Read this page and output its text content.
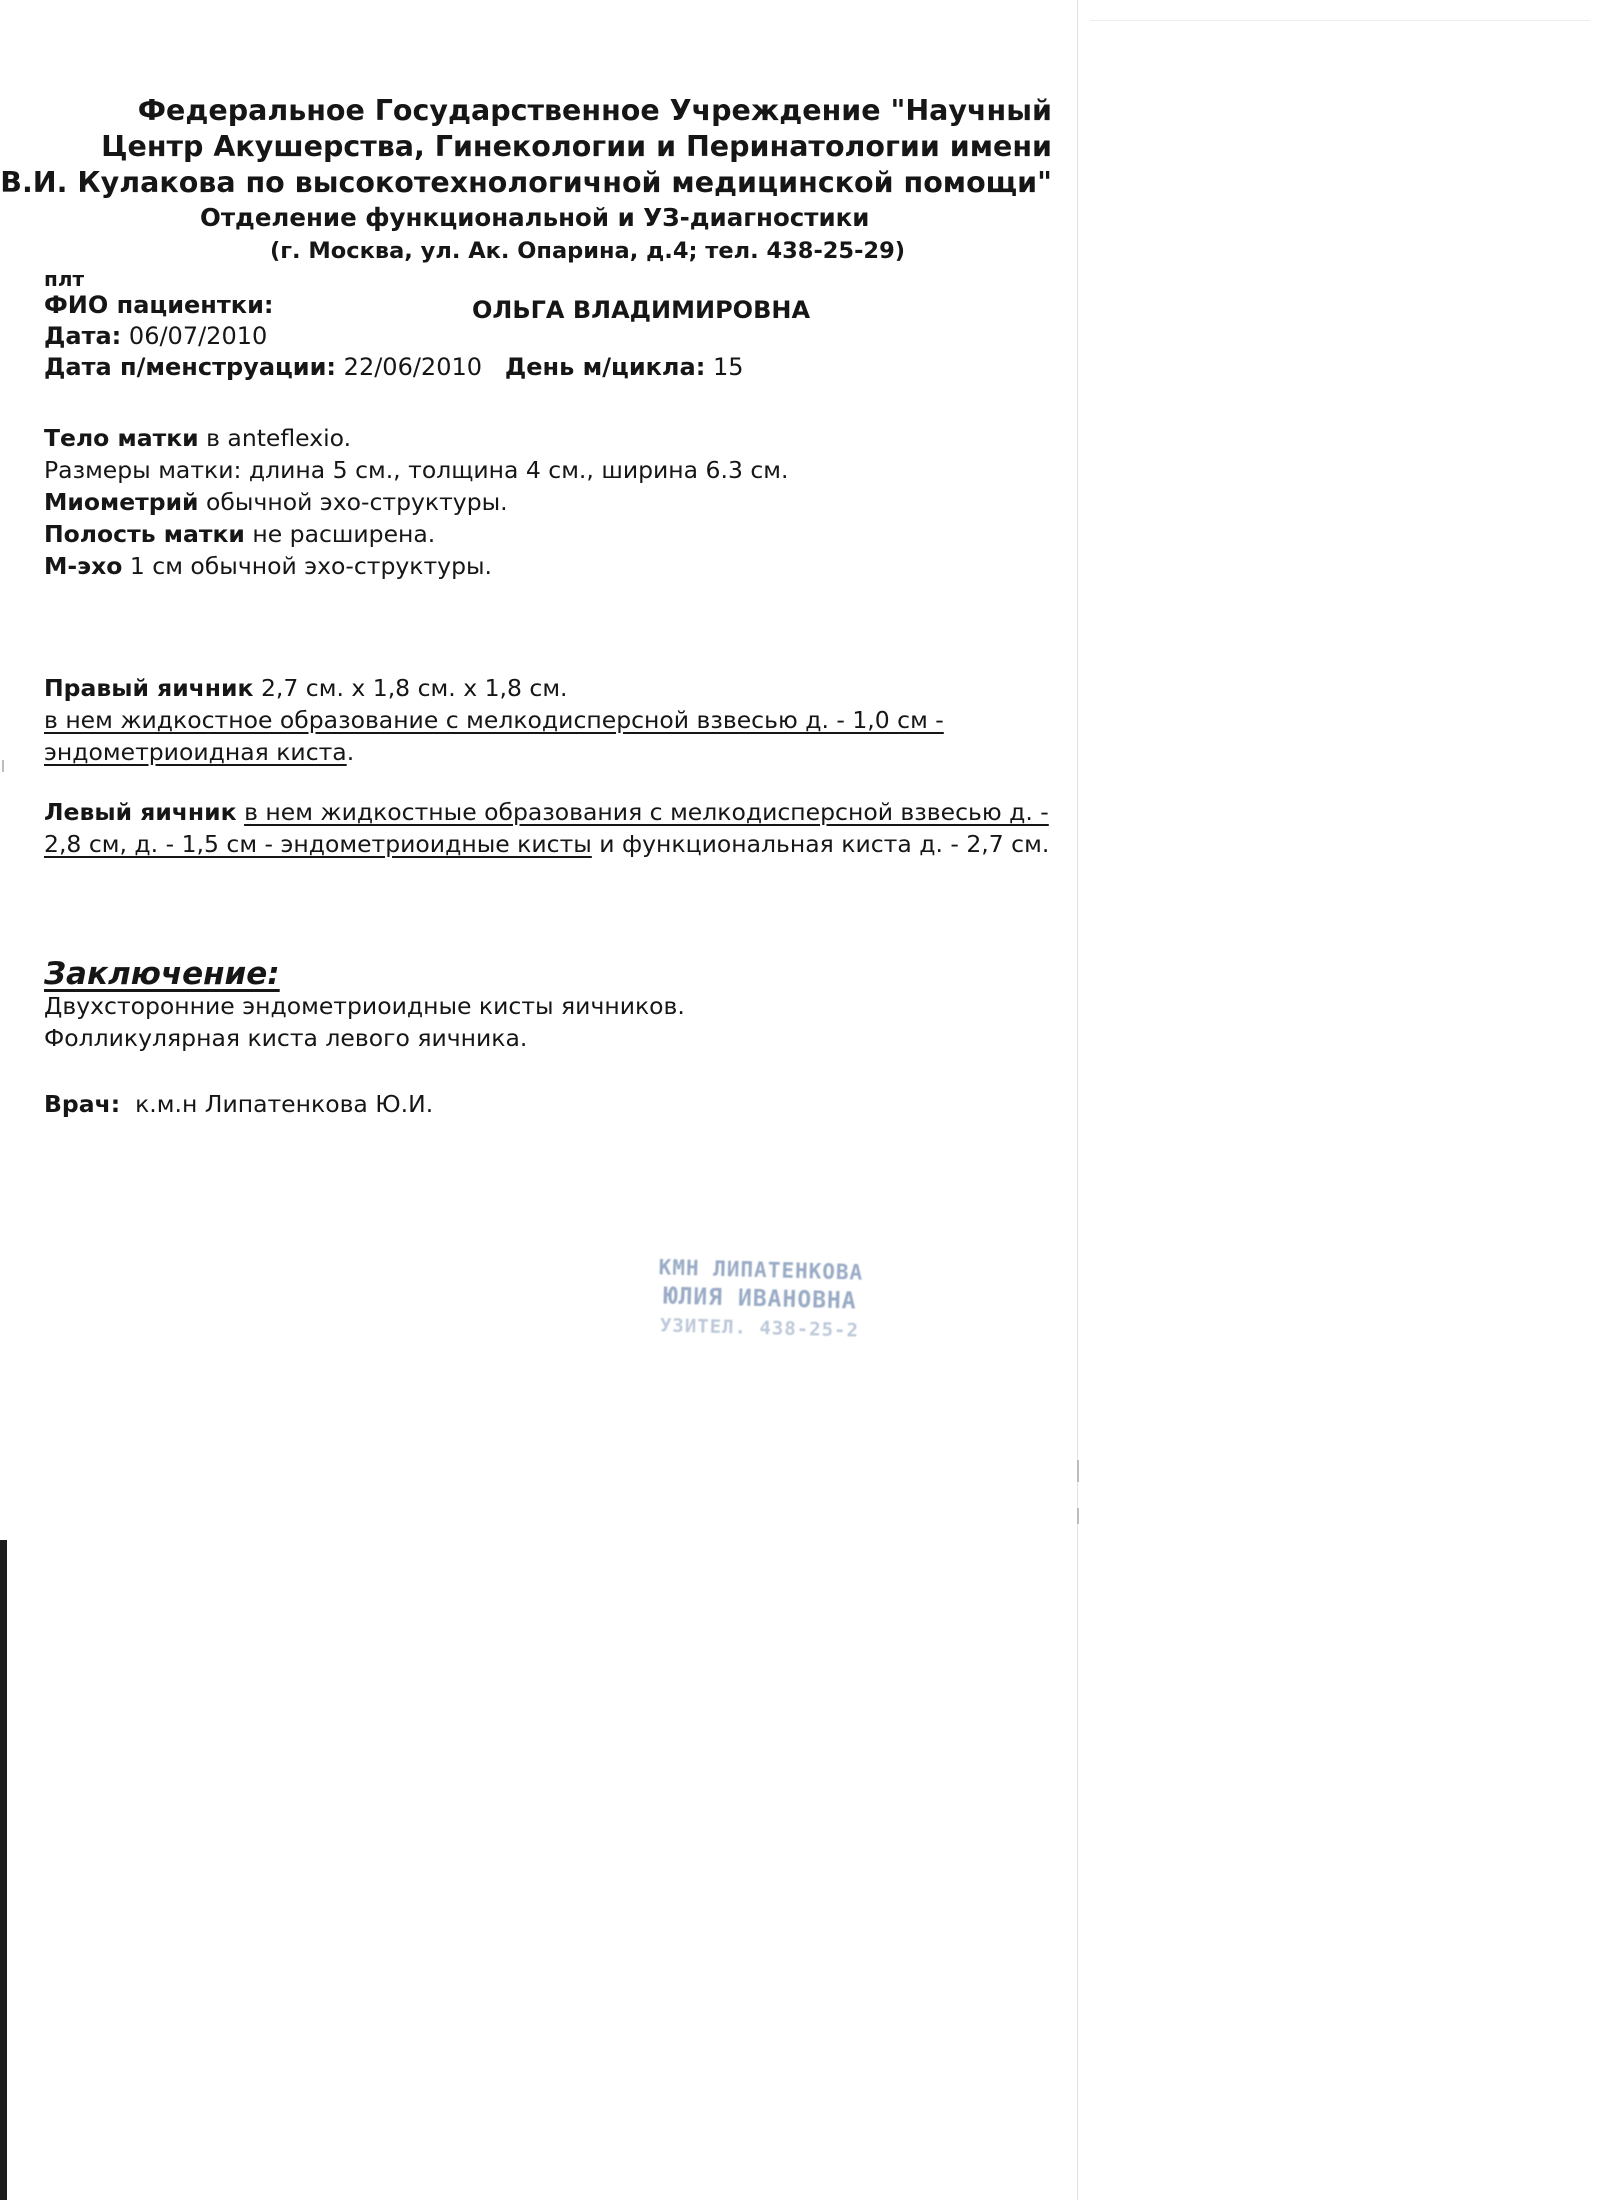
Федеральное Государственное Учреждение "Научный
Центр Акушерства, Гинекологии и Перинатологии имени
В.И. Кулакова по высокотехнологичной медицинской помощи"
Отделение функциональной и УЗ-диагностики
(г. Москва, ул. Ак. Опарина, д.4; тел. 438-25-29)
плт
ФИО пациентки:
Дата: 06/07/2010
Дата п/менструации: 22/06/2010 День м/цикла: 15
ОЛЬГА ВЛАДИМИРОВНА
Тело матки в anteflexio.
Размеры матки: длина 5 см., толщина 4 см., ширина 6.3 см.
Миометрий обычной эхо-структуры.
Полость матки не расширена.
М-эхо 1 см обычной эхо-структуры.
Правый яичник 2,7 см. х 1,8 см. х 1,8 см.
в нем жидкостное образование с мелкодисперсной взвесью д. - 1,0 см -
эндометриоидная киста.
Левый яичник в нем жидкостные образования с мелкодисперсной взвесью д. -
2,8 см, д. - 1,5 см - эндометриоидные кисты и функциональная киста д. - 2,7 см.
Заключение:
Двухсторонние эндометриоидные кисты яичников.
Фолликулярная киста левого яичника.
Врач: к.м.н Липатенкова Ю.И.
КМН ЛИПАТЕНКОВА
ЮЛИЯ ИВАНОВНА
УЗИТЕЛ. 438-25-2
